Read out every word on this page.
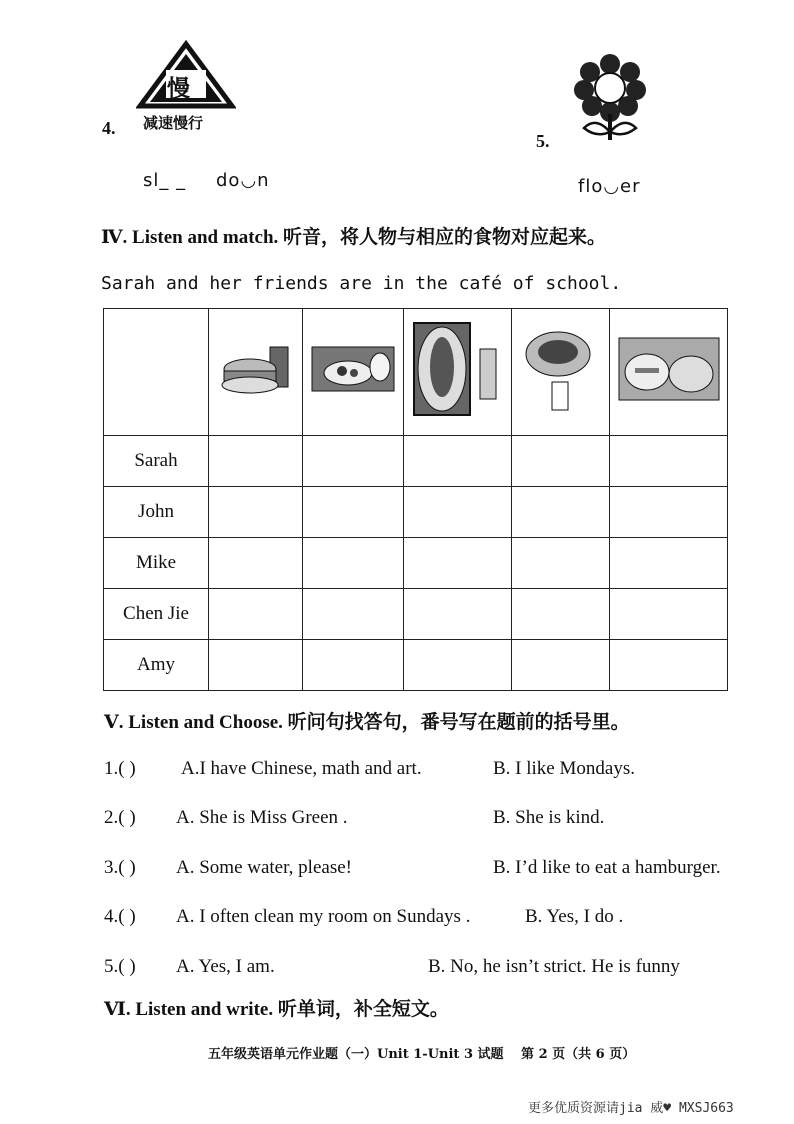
慢
减速慢行
4.
sl_ _ do◡n
5.
flo◡er
Ⅳ. Listen and match. 听音，将人物与相应的食物对应起来。
Sarah and her friends are in the café of school.

Sarah					
John					
Mike					
Chen Jie					
Amy					
Ⅴ. Listen and Choose. 听问句找答句，番号写在题前的括号里。
1.( ) A.I have Chinese, math and art.	B. I like Mondays.
2.( ) A. She is Miss Green .	B. She is kind.
3.( ) A. Some water, please!	B. I’d like to eat a hamburger.
4.( ) A. I often clean my room on Sundays .	B. Yes, I do .
5.( ) A. Yes, I am.	B. No, he isn’t strict. He is funny
Ⅵ. Listen and write. 听单词，补全短文。
五年级英语单元作业题（一）Unit 1-Unit 3 试题　 第 2 页（共 6 页）
更多优质资源请jia 威♥ MXSJ663
